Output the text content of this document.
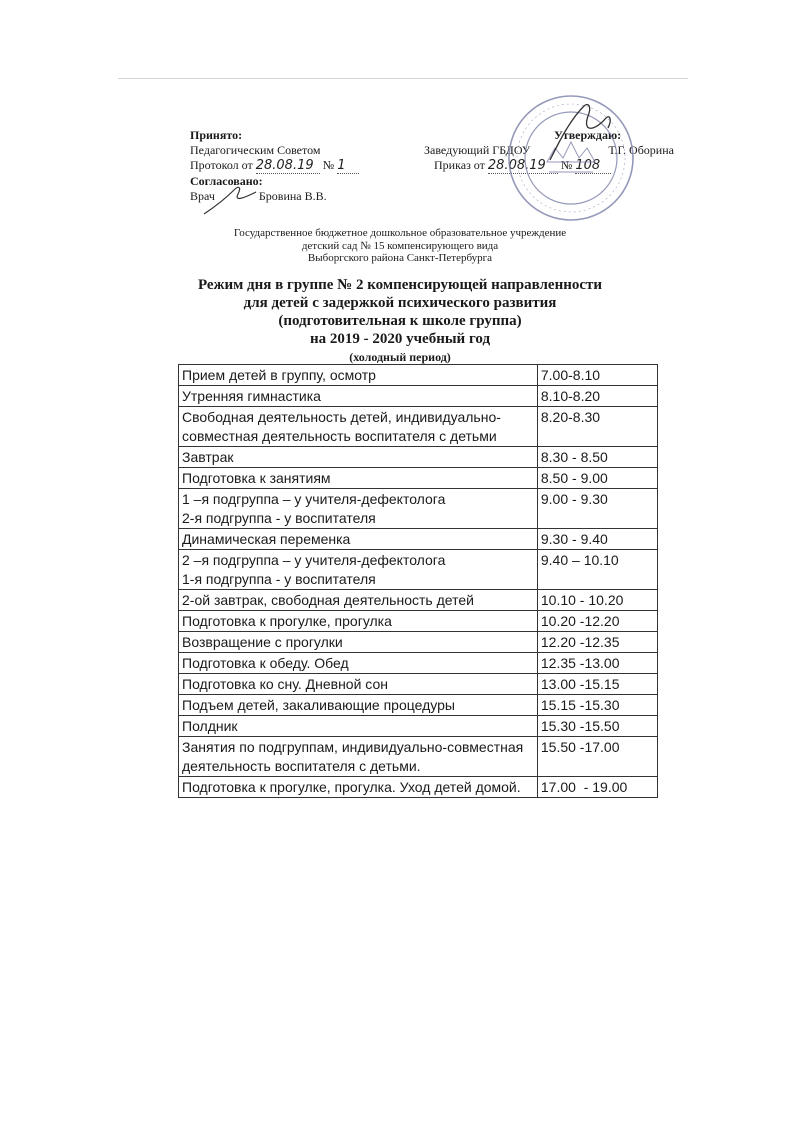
Принято:
Педагогическим Советом
Протокол от 28.08.19 № 1
Согласовано:
Врач	Бровина В.В.
Утверждаю:
Заведующий ГБДОУ	Т.Г. Оборина
Приказ от 28.08.19 № 108
Государственное бюджетное дошкольное образовательное учреждение
детский сад № 15 компенсирующего вида
Выборгского района Санкт-Петербурга
Режим дня в группе № 2 компенсирующей направленности
для детей с задержкой психического развития
(подготовительная к школе группа)
на 2019 - 2020 учебный год
(холодный период)
Прием детей в группу, осмотр	7.00-8.10
Утренняя гимнастика	8.10-8.20
Свободная деятельность детей, индивидуально-совместная деятельность воспитателя с детьми	8.20-8.30
Завтрак	8.30 - 8.50
Подготовка к занятиям	8.50 - 9.00
1 –я подгруппа – у учителя-дефектолога
2-я подгруппа - у воспитателя	9.00 - 9.30
Динамическая переменка	9.30 - 9.40
2 –я подгруппа – у учителя-дефектолога
1-я подгруппа - у воспитателя	9.40 – 10.10
2-ой завтрак, свободная деятельность детей	10.10 - 10.20
Подготовка к прогулке, прогулка	10.20 -12.20
Возвращение с прогулки	12.20 -12.35
Подготовка к обеду. Обед	12.35 -13.00
Подготовка ко сну. Дневной сон	13.00 -15.15
Подъем детей, закаливающие процедуры	15.15 -15.30
Полдник	15.30 -15.50
Занятия по подгруппам, индивидуально-совместная деятельность воспитателя с детьми.	15.50 -17.00
Подготовка к прогулке, прогулка. Уход детей домой.	17.00  - 19.00
